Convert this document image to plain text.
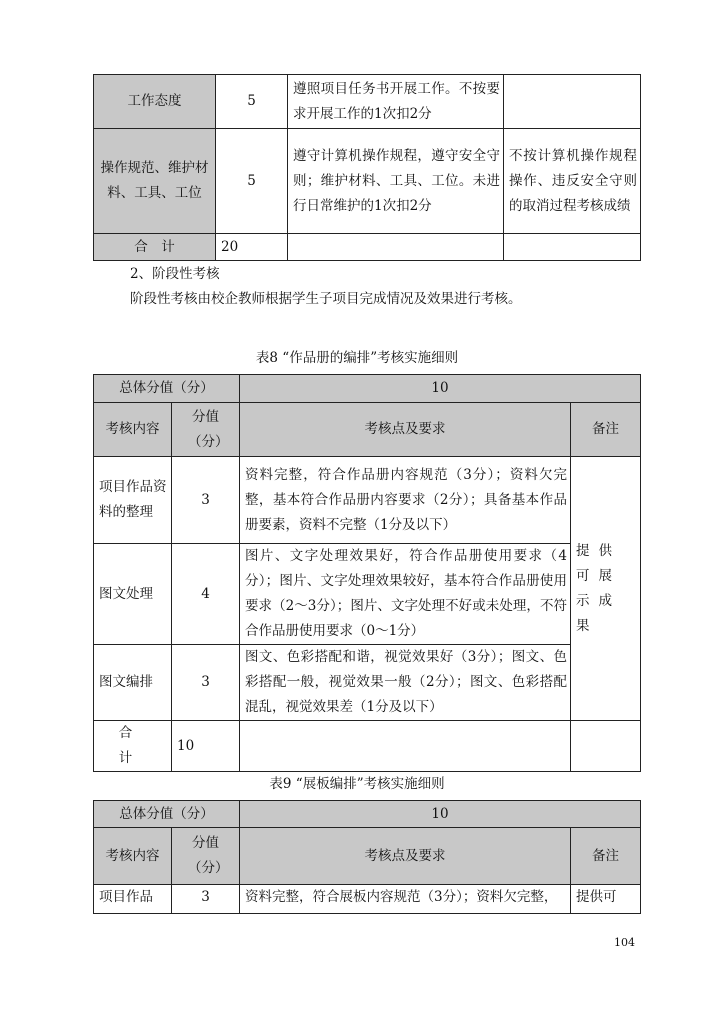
工作态度	5	遵照项目任务书开展工作。不按要求开展工作的1次扣2分	
操作规范、维护材料、工具、工位	5	遵守计算机操作规程，遵守安全守则；维护材料、工具、工位。未进行日常维护的1次扣2分	不按计算机操作规程操作、违反安全守则的取消过程考核成绩
合　计	20		
2、阶段性考核
阶段性考核由校企教师根据学生子项目完成情况及效果进行考核。
表8 “作品册的编排”考核实施细则
总体分值（分）		10	
考核内容	分值（分）	考核点及要求	备注
项目作品资料的整理	3	资料完整，符合作品册内容规范（3分）；资料欠完整，基本符合作品册内容要求（2分）；具备基本作品册要素，资料不完整（1分及以下）	提供可展示成果
图文处理	4	图片、文字处理效果好，符合作品册使用要求（4分）；图片、文字处理效果较好，基本符合作品册使用要求（2～3分）；图片、文字处理不好或未处理，不符合作品册使用要求（0～1分）	
图文编排	3	图文、色彩搭配和谐，视觉效果好（3分）；图文、色彩搭配一般，视觉效果一般（2分）；图文、色彩搭配混乱，视觉效果差（1分及以下）	
合　计	10		
表9 “展板编排”考核实施细则
总体分值（分）		10	
考核内容	分值（分）	考核点及要求	备注
项目作品	3	资料完整，符合展板内容规范（3分）；资料欠完整，	提供可
104
